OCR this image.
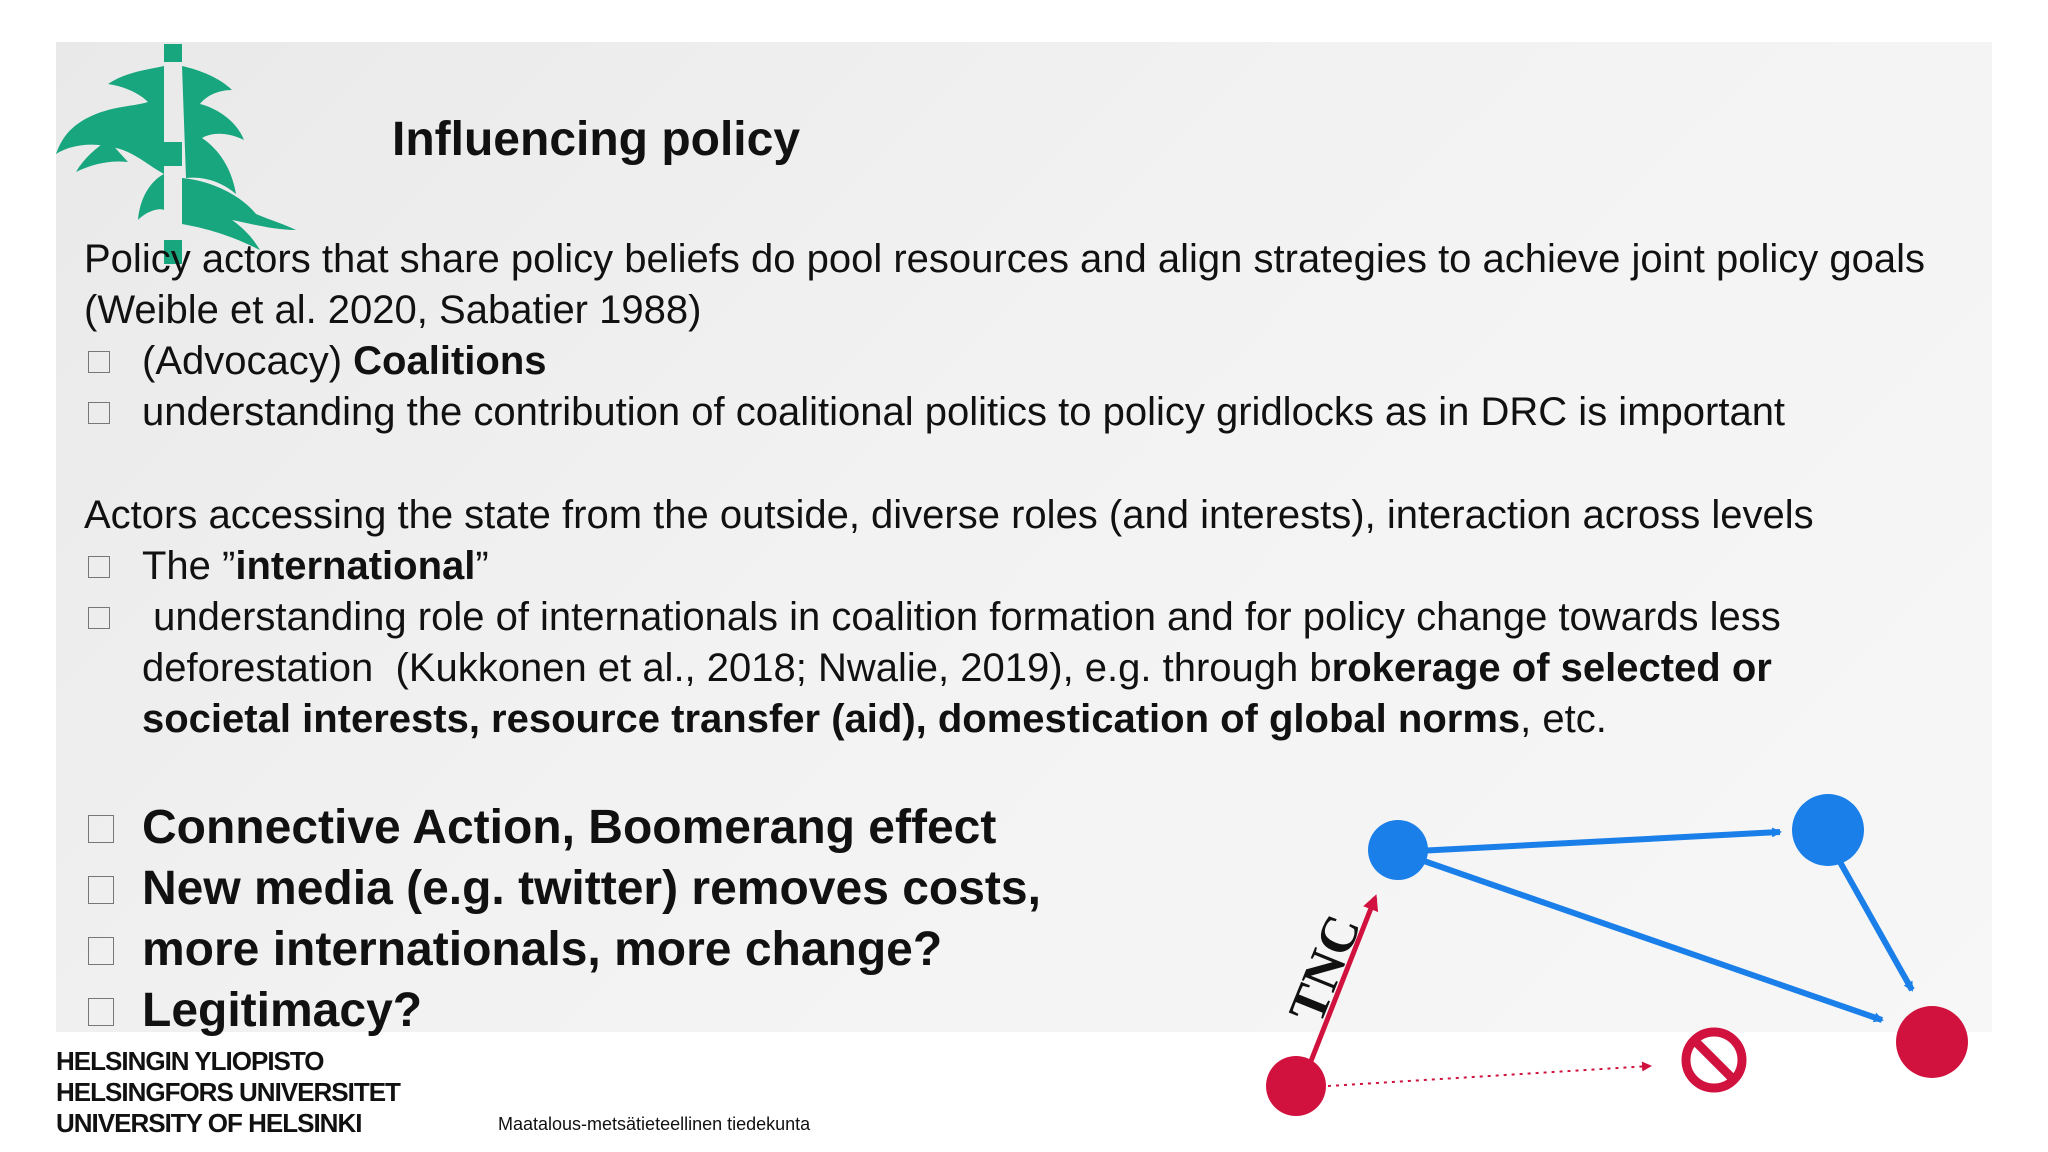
Influencing policy
Policy actors that share policy beliefs do pool resources and align strategies to achieve joint policy goals (Weible et al. 2020, Sabatier 1988)
(Advocacy) Coalitions
understanding the contribution of coalitional politics to policy gridlocks as in DRC is important
Actors accessing the state from the outside, diverse roles (and interests), interaction across levels
The ”international”
understanding role of internationals in coalition formation and for policy change towards less
deforestation  (Kukkonen et al., 2018; Nwalie, 2019), e.g. through brokerage of selected or
societal interests, resource transfer (aid), domestication of global norms, etc.
Connective Action, Boomerang effect
New media (e.g. twitter) removes costs,
more internationals, more change?
Legitimacy?	TNC
HELSINGIN YLIOPISTO
HELSINGFORS UNIVERSITET
UNIVERSITY OF HELSINKI	Maatalous-metsätieteellinen tiedekunta
